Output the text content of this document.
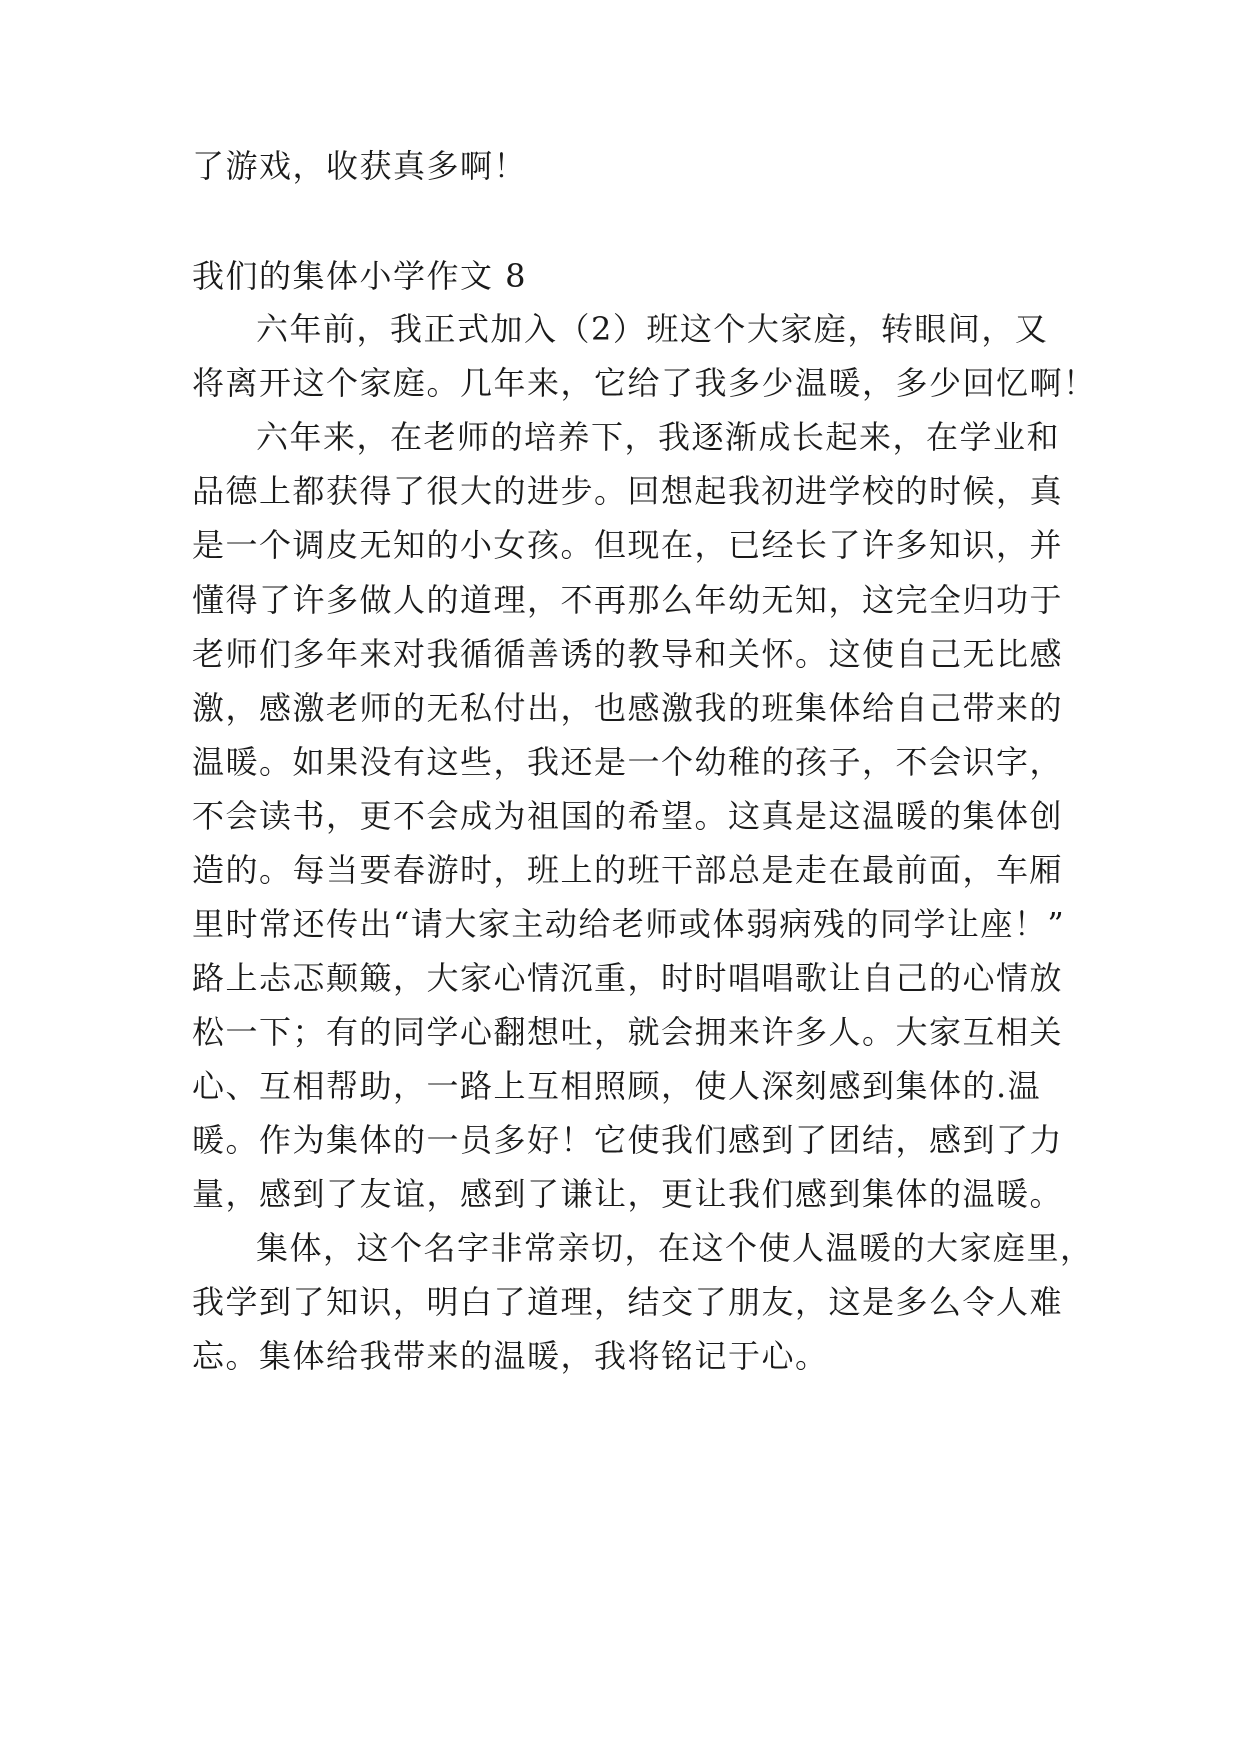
了游戏，收获真多啊！

我们的集体小学作文 8

六年前，我正式加入（2）班这个大家庭，转眼间，又

将离开这个家庭。几年来，它给了我多少温暖，多少回忆啊！

六年来，在老师的培养下，我逐渐成长起来，在学业和

品德上都获得了很大的进步。回想起我初进学校的时候，真

是一个调皮无知的小女孩。但现在，已经长了许多知识，并

懂得了许多做人的道理，不再那么年幼无知，这完全归功于

老师们多年来对我循循善诱的教导和关怀。这使自己无比感

激，感激老师的无私付出，也感激我的班集体给自己带来的

温暖。如果没有这些，我还是一个幼稚的孩子，不会识字，

不会读书，更不会成为祖国的希望。这真是这温暖的集体创

造的。每当要春游时，班上的班干部总是走在最前面，车厢

里时常还传出“请大家主动给老师或体弱病残的同学让座！”

路上忐忑颠簸，大家心情沉重，时时唱唱歌让自己的心情放

松一下；有的同学心翻想吐，就会拥来许多人。大家互相关

心、互相帮助，一路上互相照顾，使人深刻感到集体的.温

暖。作为集体的一员多好！它使我们感到了团结，感到了力

量，感到了友谊，感到了谦让，更让我们感到集体的温暖。

集体，这个名字非常亲切，在这个使人温暖的大家庭里，

我学到了知识，明白了道理，结交了朋友，这是多么令人难

忘。集体给我带来的温暖，我将铭记于心。
